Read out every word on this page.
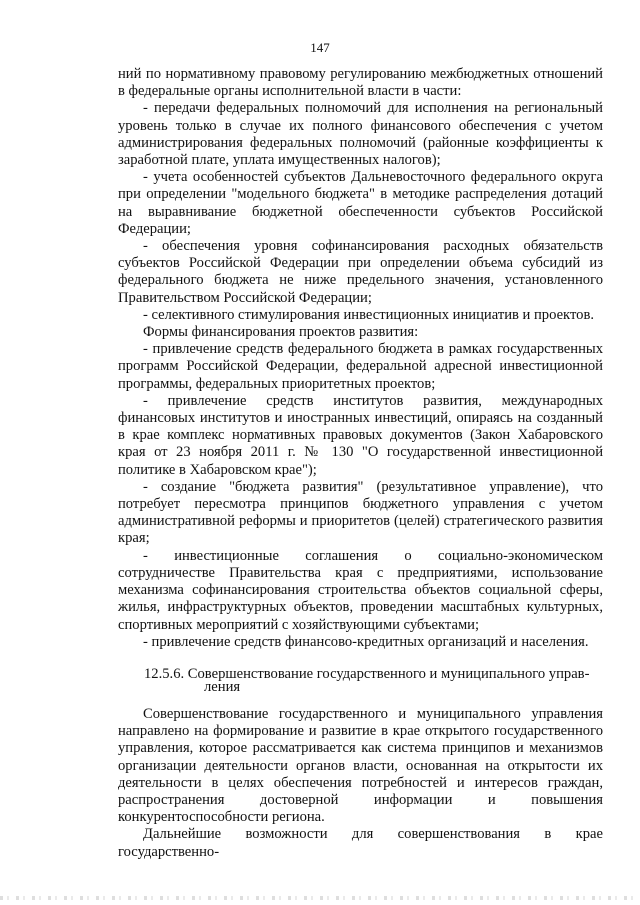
147

ний по нормативному правовому регулированию межбюджетных отношений в федеральные органы исполнительной власти в части:

- передачи федеральных полномочий для исполнения на региональный уровень только в случае их полного финансового обеспечения с учетом администрирования федеральных полномочий (районные коэффициенты к заработной плате, уплата имущественных налогов);

- учета особенностей субъектов Дальневосточного федерального округа при определении "модельного бюджета" в методике распределения дотаций на выравнивание бюджетной обеспеченности субъектов Российской Федерации;

- обеспечения уровня софинансирования расходных обязательств субъектов Российской Федерации при определении объема субсидий из федерального бюджета не ниже предельного значения, установленного Правительством Российской Федерации;

- селективного стимулирования инвестиционных инициатив и проектов.

Формы финансирования проектов развития:

- привлечение средств федерального бюджета в рамках государственных программ Российской Федерации, федеральной адресной инвестиционной программы, федеральных приоритетных проектов;

- привлечение средств институтов развития, международных финансовых институтов и иностранных инвестиций, опираясь на созданный в крае комплекс нормативных правовых документов (Закон Хабаровского края от 23 ноября 2011 г. № 130 "О государственной инвестиционной политике в Хабаровском крае");

- создание "бюджета развития" (результативное управление), что потребует пересмотра принципов бюджетного управления с учетом административной реформы и приоритетов (целей) стратегического развития края;

- инвестиционные соглашения о социально-экономическом сотрудничестве Правительства края с предприятиями, использование механизма софинансирования строительства объектов социальной сферы, жилья, инфраструктурных объектов, проведении масштабных культурных, спортивных мероприятий с хозяйствующими субъектами;

- привлечение средств финансово-кредитных организаций и населения.

12.5.6. Совершенствование государственного и муниципального управ-
ления

Совершенствование государственного и муниципального управления направлено на формирование и развитие в крае открытого государственного управления, которое рассматривается как система принципов и механизмов организации деятельности органов власти, основанная на открытости их деятельности в целях обеспечения потребностей и интересов граждан, распространения достоверной информации и повышения конкурентоспособности региона.

Дальнейшие возможности для совершенствования в крае государственно-
